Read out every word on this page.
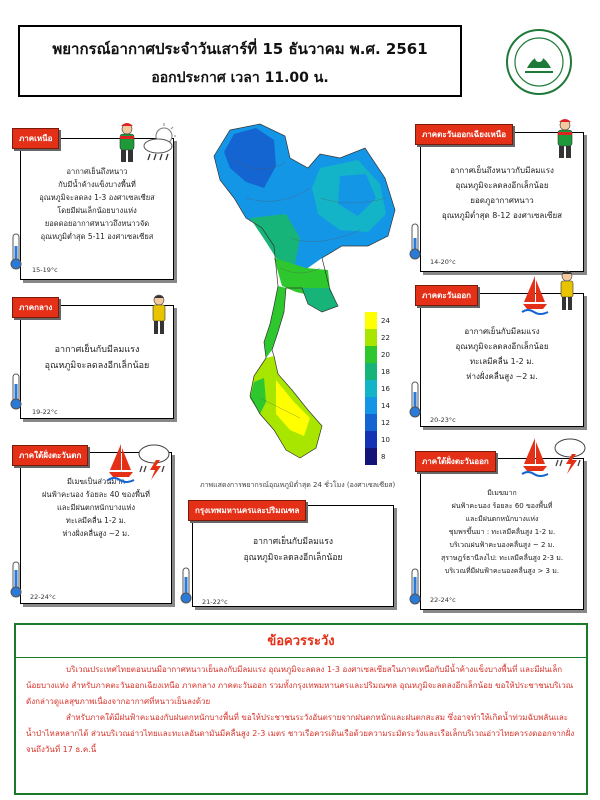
พยากรณ์อากาศประจำวันเสาร์ที่ 15 ธันวาคม พ.ศ. 2561
ออกประกาศ เวลา 11.00 น.
อากาศเย็นถึงหนาว
กับมีน้ำค้างแข็งบางพื้นที่
อุณหภูมิจะลดลง 1-3 องศาเซลเซียส
โดยมีฝนเล็กน้อยบางแห่ง
ยอดดอยอากาศหนาวถึงหนาวจัด
อุณหภูมิต่ำสุด 5-11 องศาเซลเซียส
ภาคเหนือ
15-19°c
อากาศเย็นกับมีลมแรง
อุณหภูมิจะลดลงอีกเล็กน้อย
ภาคกลาง
19-22°c
มีเมฆเป็นส่วนมาก
ฝนฟ้าคะนอง ร้อยละ 40 ของพื้นที่
และมีฝนตกหนักบางแห่ง
ทะเลมีคลื่น 1-2 ม.
ห่างฝั่งคลื่นสูง ~2 ม.
ภาคใต้ฝั่งตะวันตก
22-24°c
อากาศเย็นถึงหนาวกับมีลมแรง
อุณหภูมิจะลดลงอีกเล็กน้อย
ยอดภูอากาศหนาว
อุณหภูมิต่ำสุด 8-12 องศาเซลเซียส
ภาคตะวันออกเฉียงเหนือ
14-20°c
อากาศเย็นกับมีลมแรง
อุณหภูมิจะลดลงอีกเล็กน้อย
ทะเลมีคลื่น 1-2 ม.
ห่างฝั่งคลื่นสูง ~2 ม.
ภาคตะวันออก
20-23°c
มีเมฆมาก
ฝนฟ้าคะนอง ร้อยละ 60 ของพื้นที่
และมีฝนตกหนักบางแห่ง
ชุมพรขึ้นมา : ทะเลมีคลื่นสูง 1-2 ม.
บริเวณฝนฟ้าคะนองคลื่นสูง ~ 2 ม.
สุราษฎร์ธานีลงไป: ทะเลมีคลื่นสูง 2-3 ม.
บริเวณที่มีฝนฟ้าคะนองคลื่นสูง > 3 ม.
ภาคใต้ฝั่งตะวันออก
22-24°c
อากาศเย็นกับมีลมแรง
อุณหภูมิจะลดลงอีกเล็กน้อย
กรุงเทพมหานครและปริมณฑล
21-22°c
24
22
20
18
16
14
12
10
8
ภาพแสดงการพยากรณ์อุณหภูมิต่ำสุด 24 ชั่วโมง (องศาเซลเซียส)
ข้อควรระวัง

บริเวณประเทศไทยตอนบนมีอากาศหนาวเย็นลงกับมีลมแรง อุณหภูมิจะลดลง 1-3 องศาเซลเซียสในภาคเหนือกับมีน้ำค้างแข็งบางพื้นที่ และมีฝนเล็กน้อยบางแห่ง สำหรับภาคตะวันออกเฉียงเหนือ ภาคกลาง ภาคตะวันออก รวมทั้งกรุงเทพมหานครและปริมณฑล อุณหภูมิจะลดลงอีกเล็กน้อย ขอให้ประชาชนบริเวณดังกล่าวดูแลสุขภาพเนื่องจากอากาศที่หนาวเย็นลงด้วย

สำหรับภาคใต้มีฝนฟ้าคะนองกับฝนตกหนักบางพื้นที่ ขอให้ประชาชนระวังอันตรายจากฝนตกหนักและฝนตกสะสม ซึ่งอาจทำให้เกิดน้ำท่วมฉับพลันและน้ำป่าไหลหลากได้ ส่วนบริเวณอ่าวไทยและทะเลอันดามันมีคลื่นสูง 2-3 เมตร ชาวเรือควรเดินเรือด้วยความระมัดระวังและเรือเล็กบริเวณอ่าวไทยควรงดออกจากฝั่งจนถึงวันที่ 17 ธ.ค.นี้
